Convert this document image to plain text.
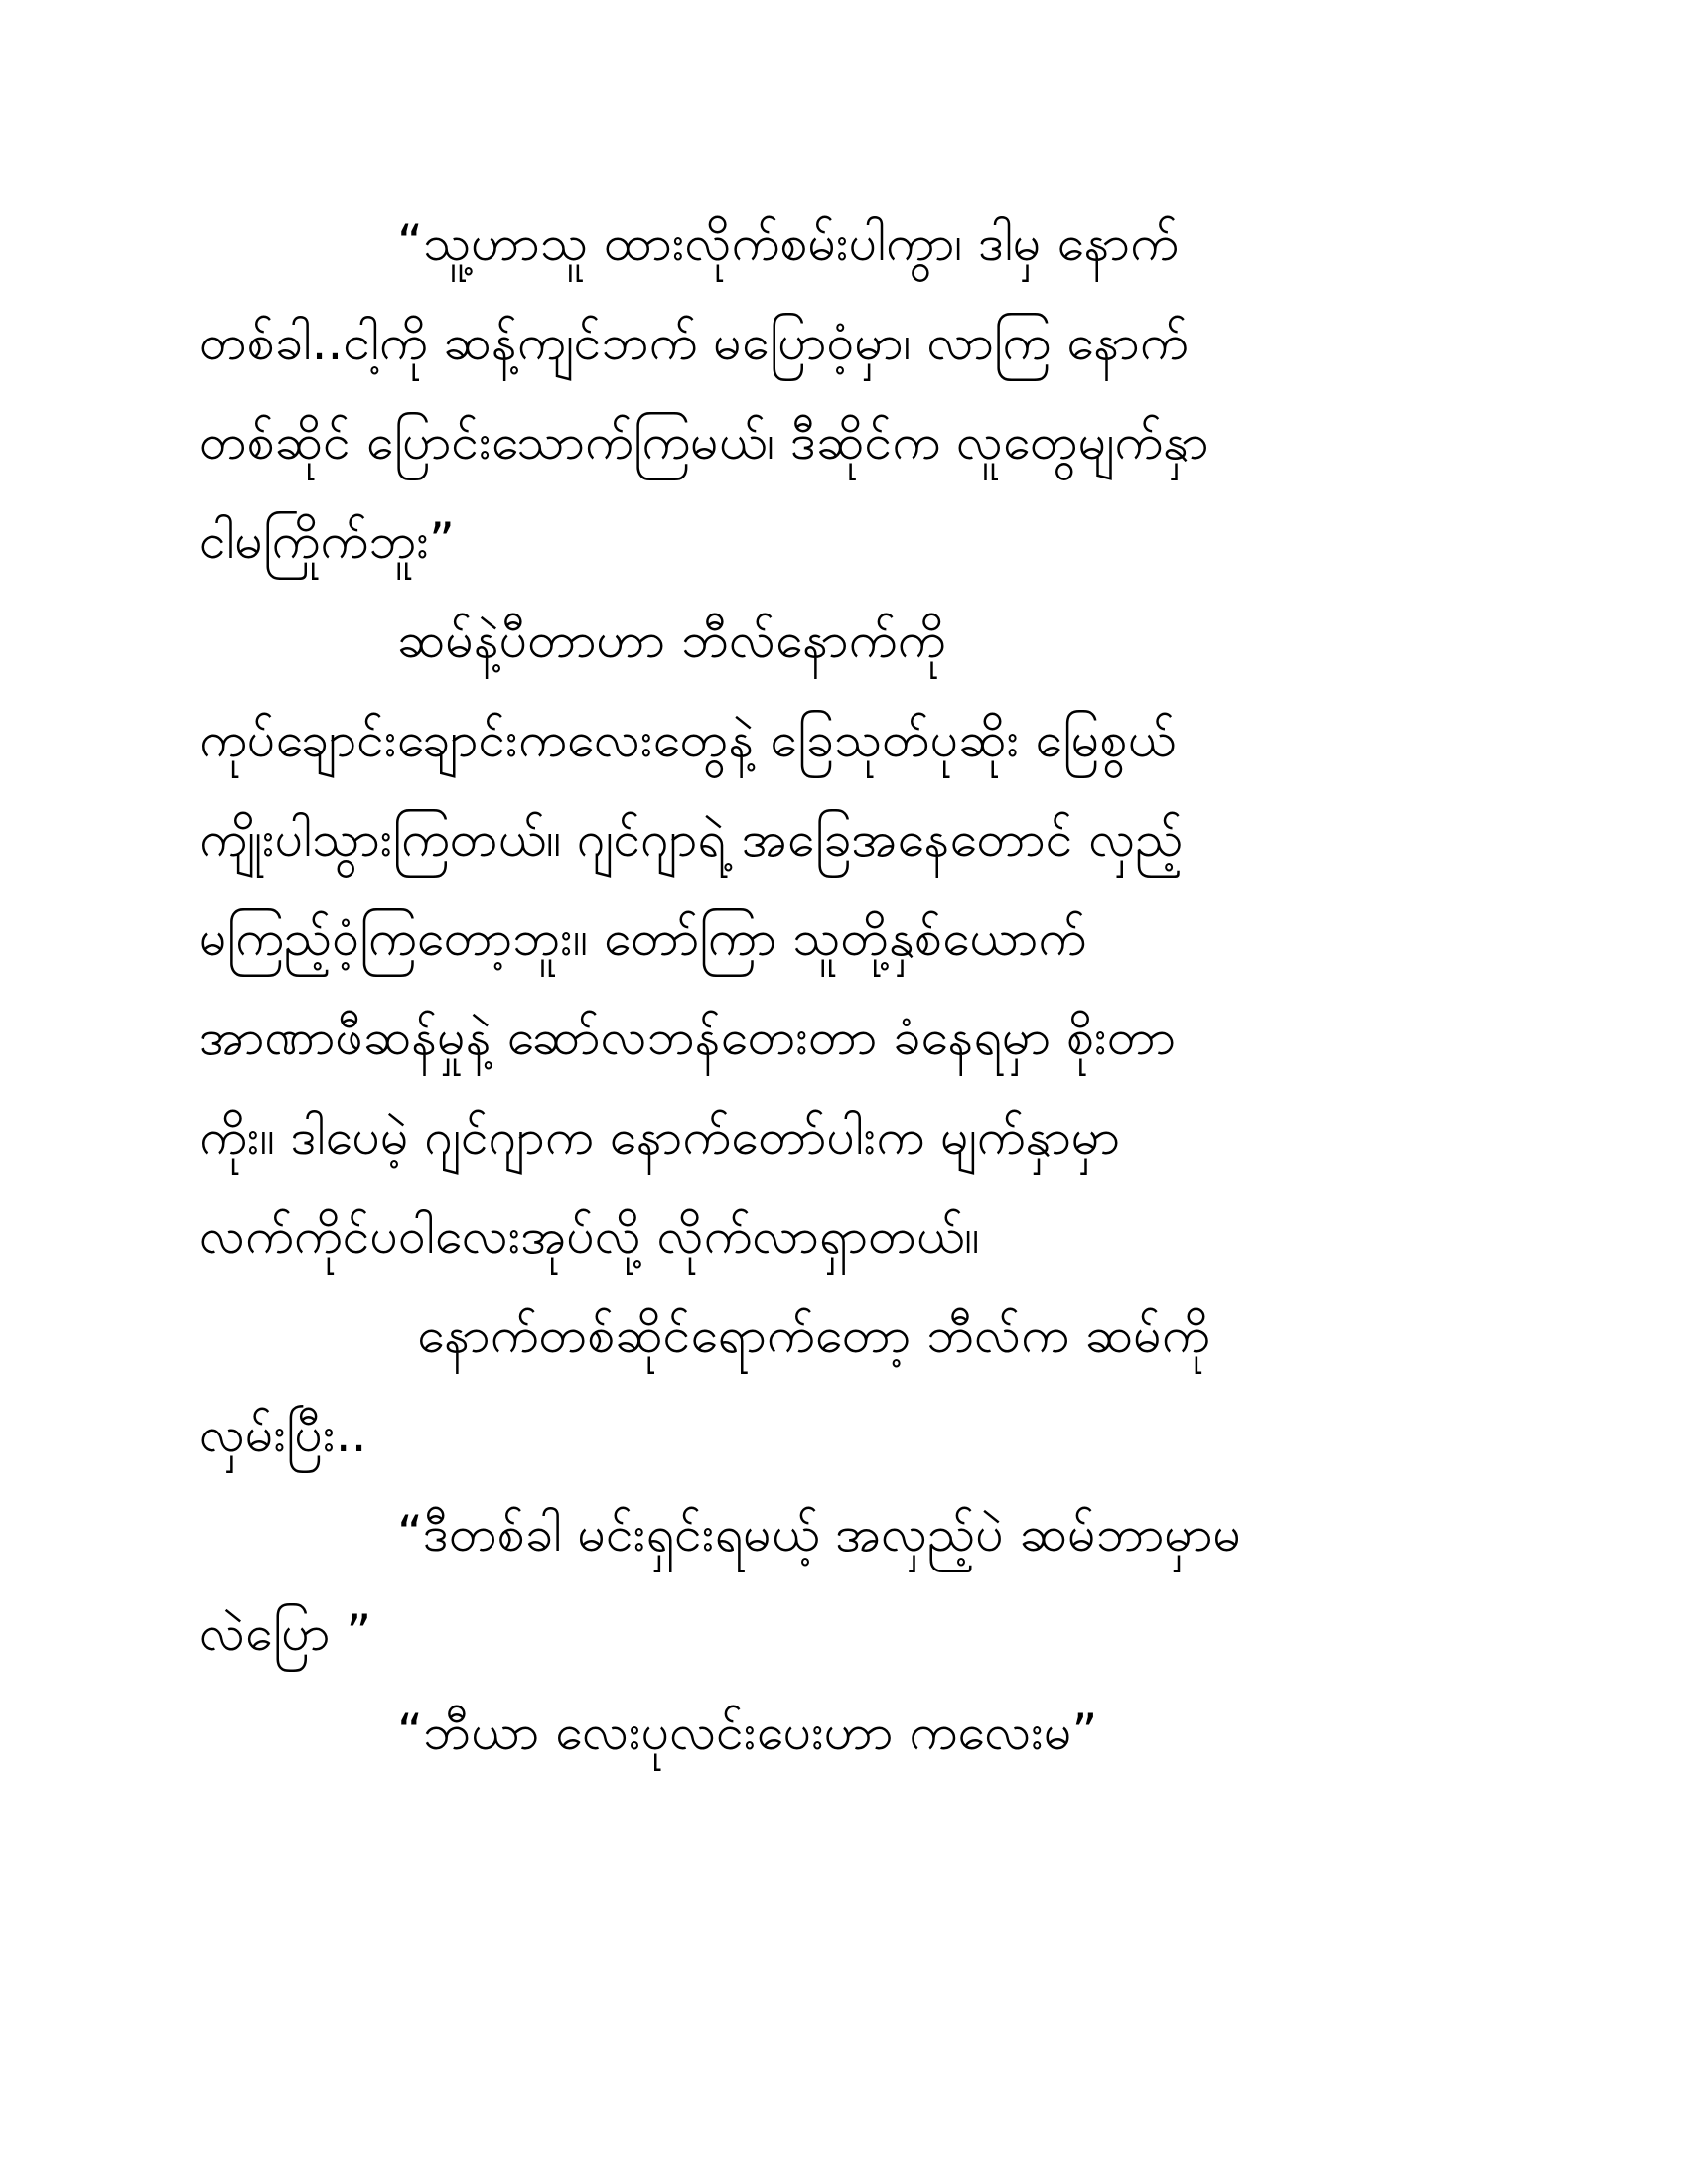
“သူ့ဟာသူ ထားလိုက်စမ်းပါကွာ၊ ဒါမှ နောက်
တစ်ခါ..ငါ့ကို ဆန့်ကျင်ဘက် မပြောဝံ့မှာ၊ လာကြ နောက်
တစ်ဆိုင် ပြောင်းသောက်ကြမယ်၊ ဒီဆိုင်က လူတွေမျက်နှာ
ငါမကြိုက်ဘူး”

ဆမ်နဲ့ပီတာဟာ ဘီလ်နောက်ကို
ကုပ်ချောင်းချောင်းကလေးတွေနဲ့ ခြေသုတ်ပုဆိုး မြေစွယ်
ကျိုးပါသွားကြတယ်။ ဂျင်ဂျာရဲ့ အခြေအနေတောင် လှည့်
မကြည့်ဝံ့ကြတော့ဘူး။ တော်ကြာ သူတို့နှစ်ယောက်
အာဏာဖီဆန်မှုနဲ့ ဆော်လဘန်တေးတာ ခံနေရမှာ စိုးတာ
ကိုး။ ဒါပေမဲ့ ဂျင်ဂျာက နောက်တော်ပါးက မျက်နှာမှာ
လက်ကိုင်ပဝါလေးအုပ်လို့ လိုက်လာရှာတယ်။

နောက်တစ်ဆိုင်ရောက်တော့ ဘီလ်က ဆမ်ကို
လှမ်းပြီး..

“ဒီတစ်ခါ မင်းရှင်းရမယ့် အလှည့်ပဲ ဆမ်ဘာမှာမ
လဲပြော ”

“ဘီယာ လေးပုလင်းပေးဟာ ကလေးမ”
